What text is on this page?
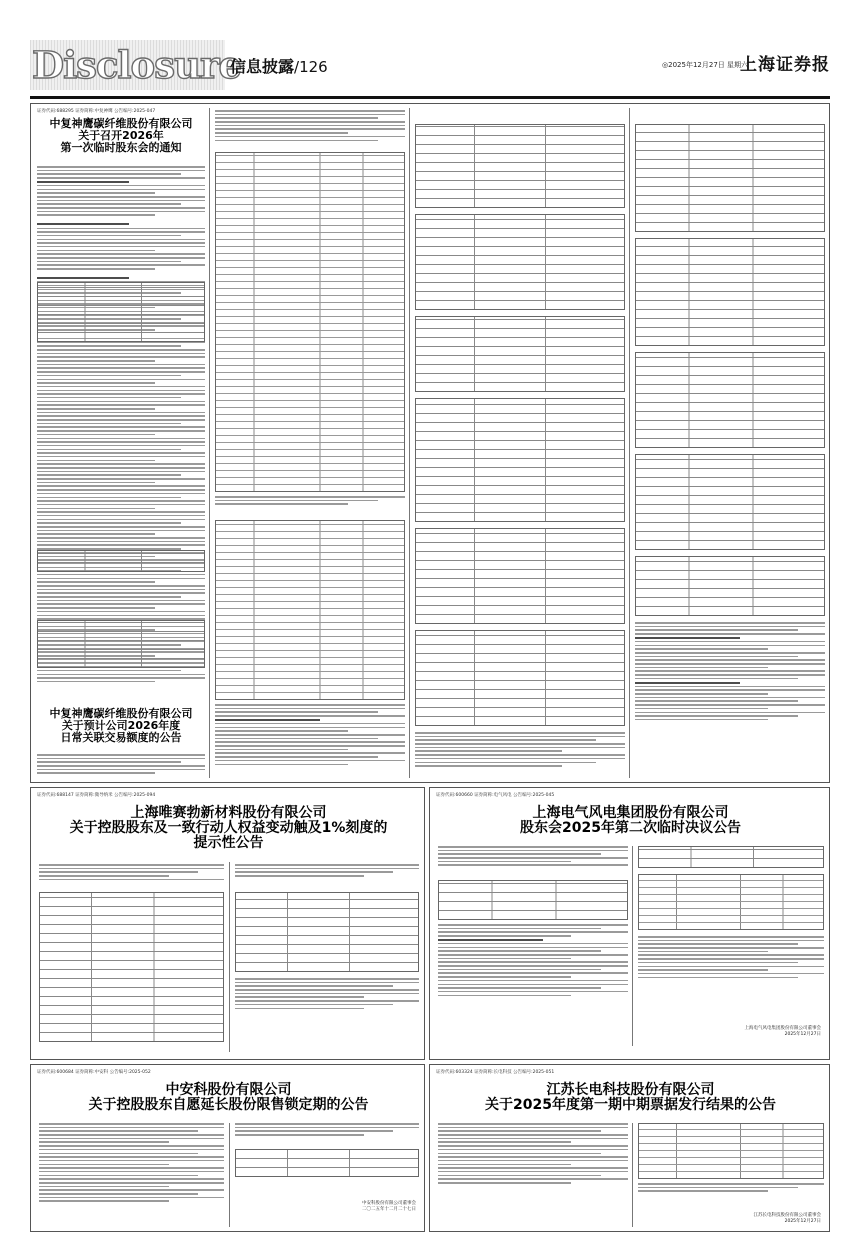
Disclosure
信息披露/126	◎2025年12月27日 星期六
上海证券报
证券代码:688295 证券简称:中复神鹰 公告编号:2025-047
中复神鹰碳纤维股份有限公司
关于召开2026年
第一次临时股东会的通知
中复神鹰碳纤维股份有限公司
关于预计公司2026年度
日常关联交易额度的公告
证券代码:688147 证券简称:微导纳米 公告编号:2025-094
上海唯赛勃新材料股份有限公司
关于控股股东及一致行动人权益变动触及1%刻度的
提示性公告
证券代码:600660 证券简称:电气风电 公告编号:2025-045
上海电气风电集团股份有限公司
股东会2025年第二次临时决议公告
上海电气风电集团股份有限公司董事会
2025年12月27日
证券代码:600684 证券简称:中安科 公告编号:2025-052
中安科股份有限公司
关于控股股东自愿延长股份限售锁定期的公告
中安科股份有限公司董事会
二〇二五年十二月二十七日
证券代码:603324 证券简称:长电科技 公告编号:2025-051
江苏长电科技股份有限公司
关于2025年度第一期中期票据发行结果的公告
江苏长电科技股份有限公司董事会
2025年12月27日
